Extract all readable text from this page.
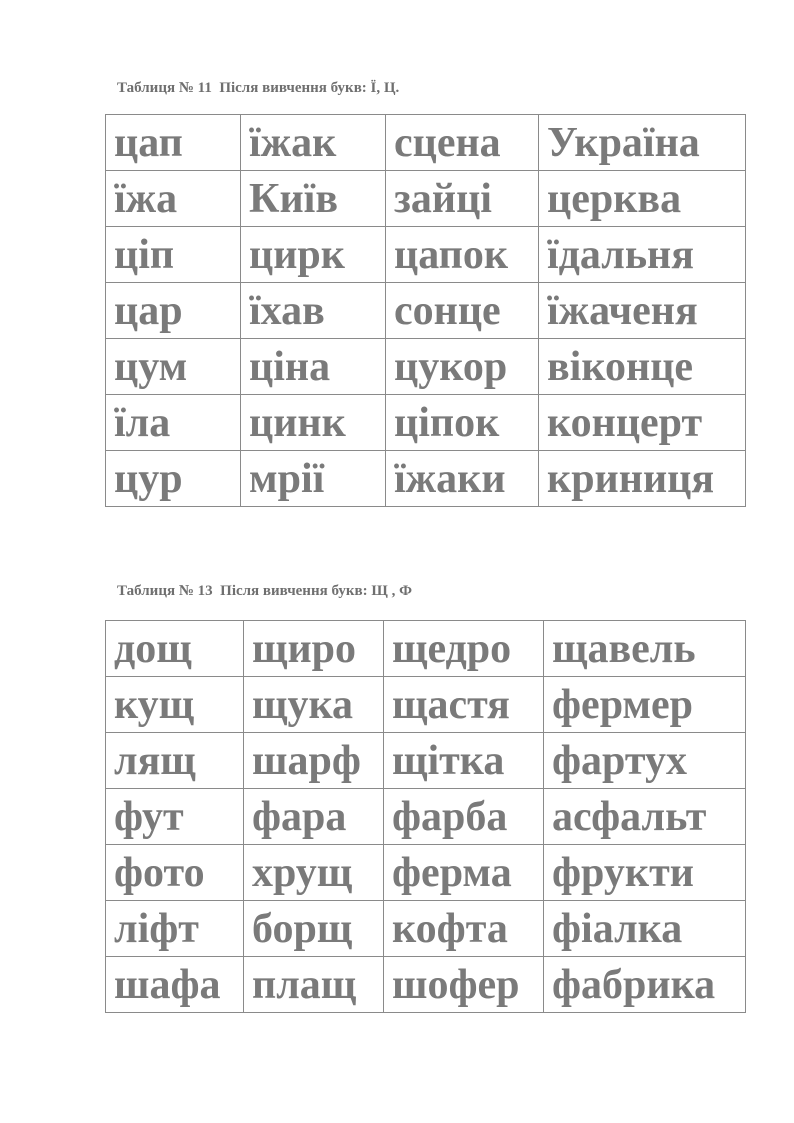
Таблиця № 11  Після вивчення букв: Ї, Ц.
цап	їжак	сцена	Україна
їжа	Київ	зайці	церква
ціп	цирк	цапок	їдальня
цар	їхав	сонце	їжаченя
цум	ціна	цукор	віконце
їла	цинк	ціпок	концерт
цур	мрії	їжаки	криниця
Таблиця № 13  Після вивчення букв: Щ , Ф
дощ	щиро	щедро	щавель
кущ	щука	щастя	фермер
лящ	шарф	щітка	фартух
фут	фара	фарба	асфальт
фото	хрущ	ферма	фрукти
ліфт	борщ	кофта	фіалка
шафа	плащ	шофер	фабрика
